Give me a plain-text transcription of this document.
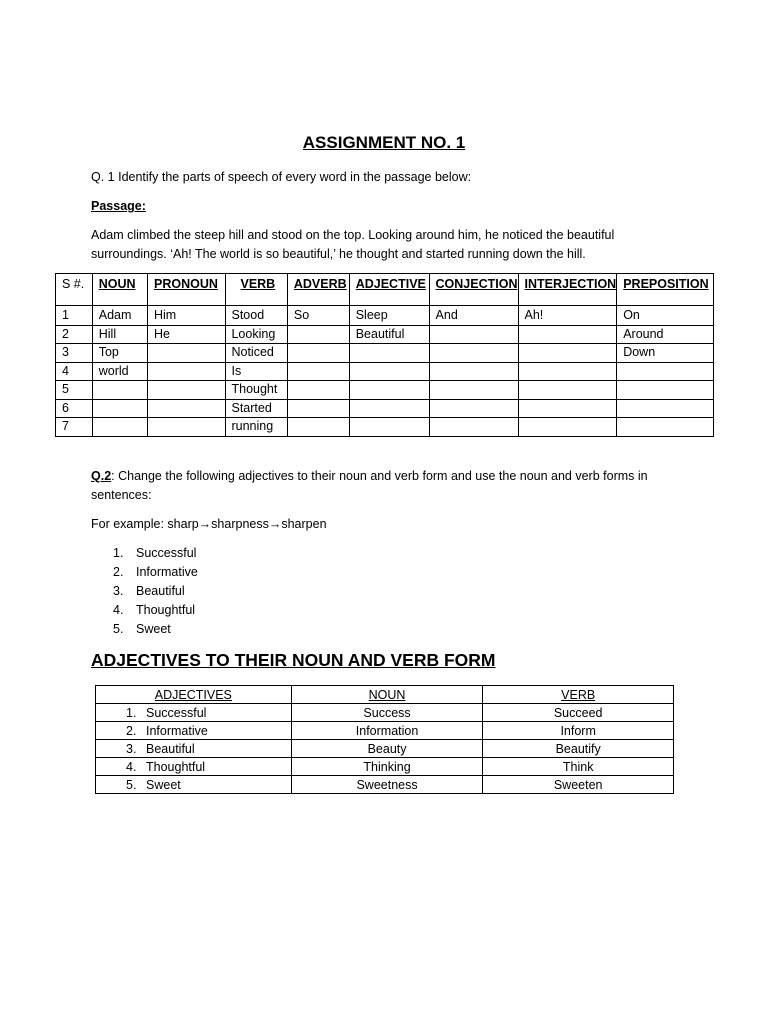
ASSIGNMENT NO. 1
Q. 1 Identify the parts of speech of every word in the passage below:
Passage:
Adam climbed the steep hill and stood on the top. Looking around him, he noticed the beautiful
surroundings. ‘Ah! The world is so beautiful,’ he thought and started running down the hill.
S #.	NOUN	PRONOUN	VERB	ADVERB	ADJECTIVE	CONJECTION	INTERJECTION	PREPOSITION
1	Adam	Him	Stood	So	Sleep	And	Ah!	On
2	Hill	He	Looking		Beautiful			Around
3	Top		Noticed					Down
4	world		Is					
5			Thought					
6			Started					
7			running					
Q.2: Change the following adjectives to their noun and verb form and use the noun and verb forms in
sentences:
For example: sharp→sharpness→sharpen
1. Successful
2. Informative
3. Beautiful
4. Thoughtful
5. Sweet
ADJECTIVES TO THEIR NOUN AND VERB FORM
ADJECTIVES	NOUN	VERB
1. Successful	Success	Succeed
2. Informative	Information	Inform
3. Beautiful	Beauty	Beautify
4. Thoughtful	Thinking	Think
5. Sweet	Sweetness	Sweeten
